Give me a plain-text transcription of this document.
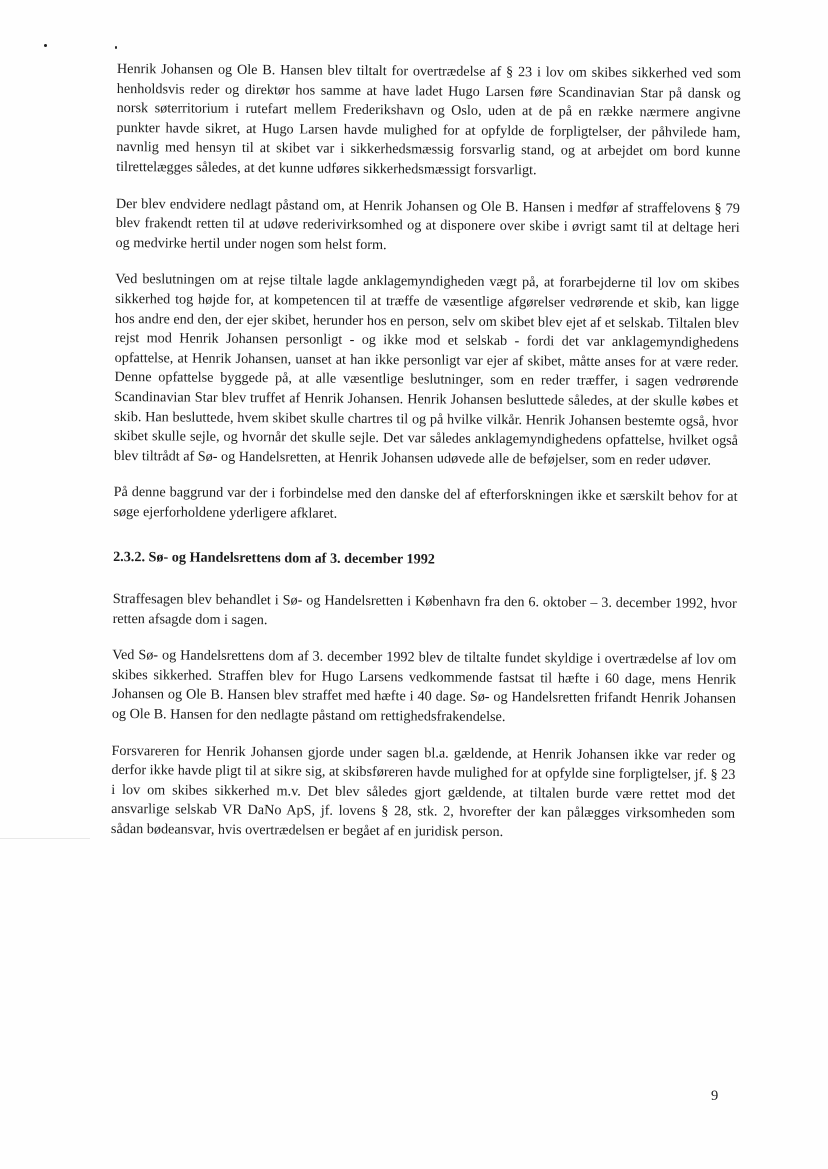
Henrik Johansen og Ole B. Hansen blev tiltalt for overtrædelse af § 23 i lov om skibes sikkerhed ved som henholdsvis reder og direktør hos samme at have ladet Hugo Larsen føre Scandinavian Star på dansk og norsk søterritorium i rutefart mellem Frederikshavn og Oslo, uden at de på en række nærmere angivne punkter havde sikret, at Hugo Larsen havde mulighed for at opfylde de forpligtelser, der påhvilede ham, navnlig med hensyn til at skibet var i sikkerhedsmæssig forsvarlig stand, og at arbejdet om bord kunne tilrettelægges således, at det kunne udføres sikkerhedsmæssigt forsvarligt.

Der blev endvidere nedlagt påstand om, at Henrik Johansen og Ole B. Hansen i medfør af straffelovens § 79 blev frakendt retten til at udøve rederivirksomhed og at disponere over skibe i øvrigt samt til at deltage heri og medvirke hertil under nogen som helst form.

Ved beslutningen om at rejse tiltale lagde anklagemyndigheden vægt på, at forarbejderne til lov om skibes sikkerhed tog højde for, at kompetencen til at træffe de væsentlige afgørelser vedrørende et skib, kan ligge hos andre end den, der ejer skibet, herunder hos en person, selv om skibet blev ejet af et selskab. Tiltalen blev rejst mod Henrik Johansen personligt - og ikke mod et selskab - fordi det var anklagemyndighedens opfattelse, at Henrik Johansen, uanset at han ikke personligt var ejer af skibet, måtte anses for at være reder. Denne opfattelse byggede på, at alle væsentlige beslutninger, som en reder træffer, i sagen vedrørende Scandinavian Star blev truffet af Henrik Johansen. Henrik Johansen besluttede således, at der skulle købes et skib. Han besluttede, hvem skibet skulle chartres til og på hvilke vilkår. Henrik Johansen bestemte også, hvor skibet skulle sejle, og hvornår det skulle sejle. Det var således anklagemyndighedens opfattelse, hvilket også blev tiltrådt af Sø- og Handelsretten, at Henrik Johansen udøvede alle de beføjelser, som en reder udøver.

På denne baggrund var der i forbindelse med den danske del af efterforskningen ikke et særskilt behov for at søge ejerforholdene yderligere afklaret.

2.3.2. Sø- og Handelsrettens dom af 3. december 1992

Straffesagen blev behandlet i Sø- og Handelsretten i København fra den 6. oktober – 3. december 1992, hvor retten afsagde dom i sagen.

Ved Sø- og Handelsrettens dom af 3. december 1992 blev de tiltalte fundet skyldige i overtrædelse af lov om skibes sikkerhed. Straffen blev for Hugo Larsens vedkommende fastsat til hæfte i 60 dage, mens Henrik Johansen og Ole B. Hansen blev straffet med hæfte i 40 dage. Sø- og Handelsretten frifandt Henrik Johansen og Ole B. Hansen for den nedlagte påstand om rettighedsfrakendelse.

Forsvareren for Henrik Johansen gjorde under sagen bl.a. gældende, at Henrik Johansen ikke var reder og derfor ikke havde pligt til at sikre sig, at skibsføreren havde mulighed for at opfylde sine forpligtelser, jf. § 23 i lov om skibes sikkerhed m.v. Det blev således gjort gældende, at tiltalen burde være rettet mod det ansvarlige selskab VR DaNo ApS, jf. lovens § 28, stk. 2, hvorefter der kan pålægges virksomheden som sådan bødeansvar, hvis overtrædelsen er begået af en juridisk person.

9
